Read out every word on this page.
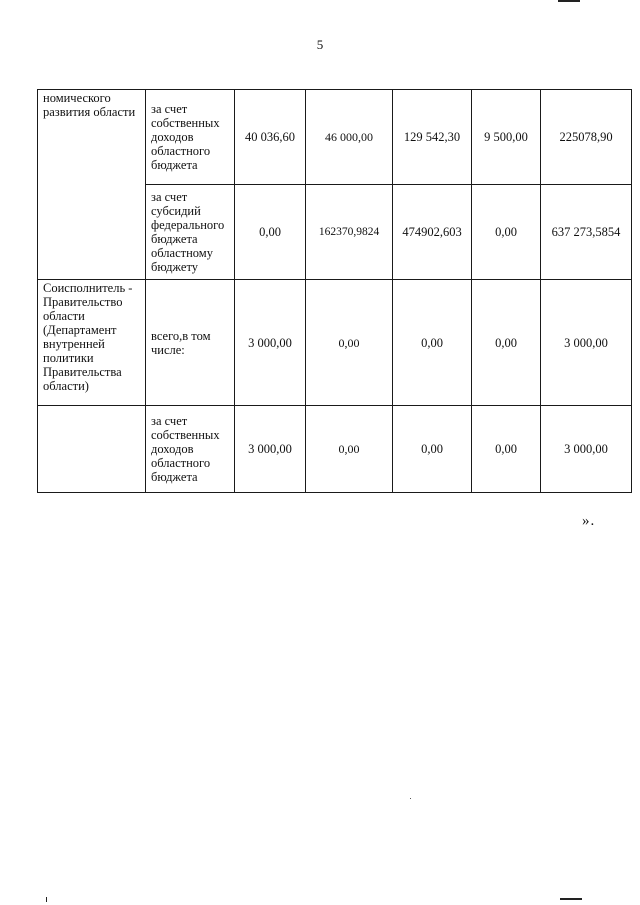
5
номического развития области	за счет собственных доходов областного бюджета	40 036,60	46 000,00	129 542,30	9 500,00	225078,90
	за счет субсидий федерального бюджета областному бюджету	0,00	162370,9824	474902,603	0,00	637 273,5854
Соисполнитель - Правительство области (Департамент внутренней политики Правительства области)	всего,в том числе:	3 000,00	0,00	0,00	0,00	3 000,00
	за счет собственных доходов областного бюджета	3 000,00	0,00	0,00	0,00	3 000,00
».
